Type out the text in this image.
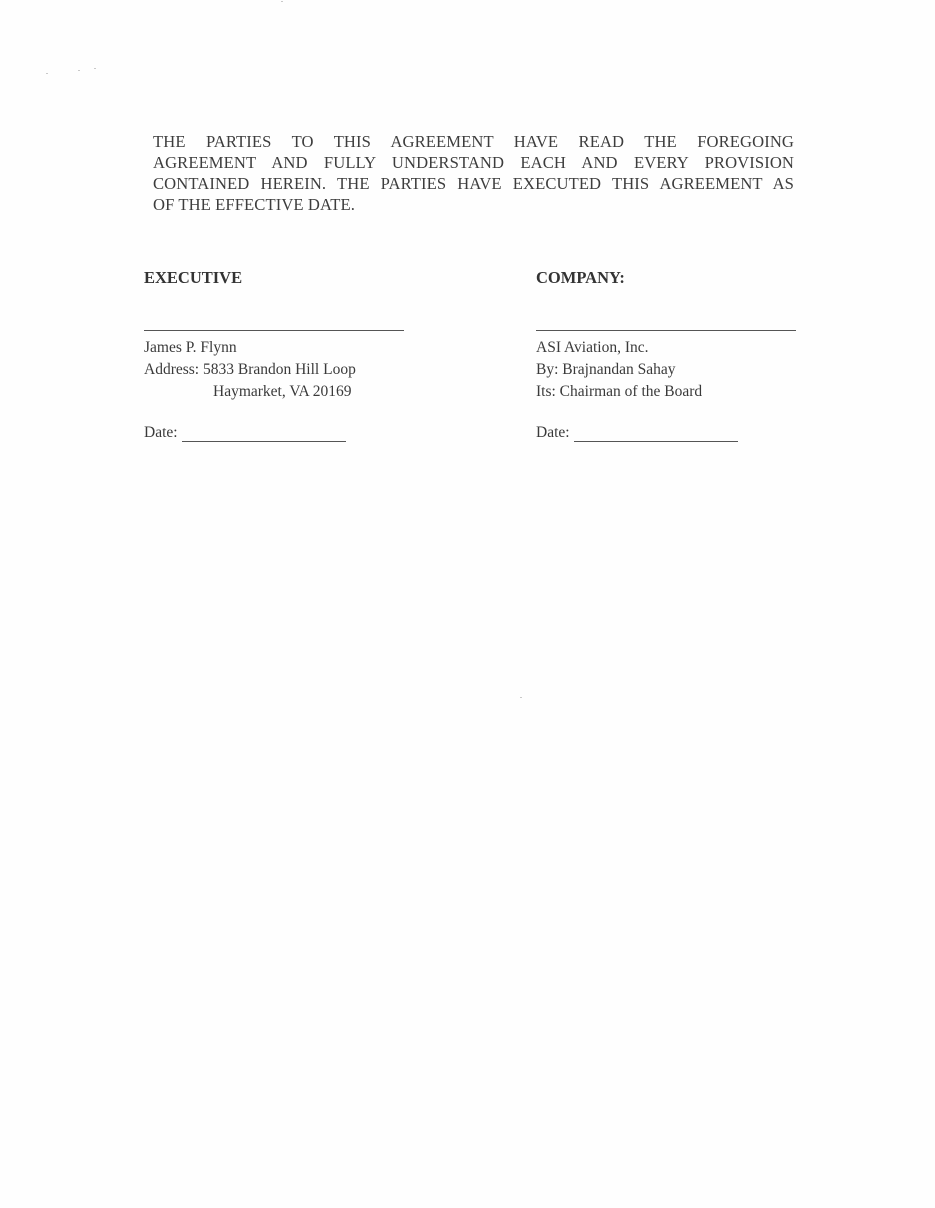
THE PARTIES TO THIS AGREEMENT HAVE READ THE FOREGOING
AGREEMENT AND FULLY UNDERSTAND EACH AND EVERY PROVISION
CONTAINED HEREIN. THE PARTIES HAVE EXECUTED THIS AGREEMENT AS
OF THE EFFECTIVE DATE.
EXECUTIVE
James P. Flynn
Address: 5833 Brandon Hill Loop
Haymarket, VA 20169
Date:
COMPANY:
ASI Aviation, Inc.
By: Brajnandan Sahay
Its: Chairman of the Board
Date:
